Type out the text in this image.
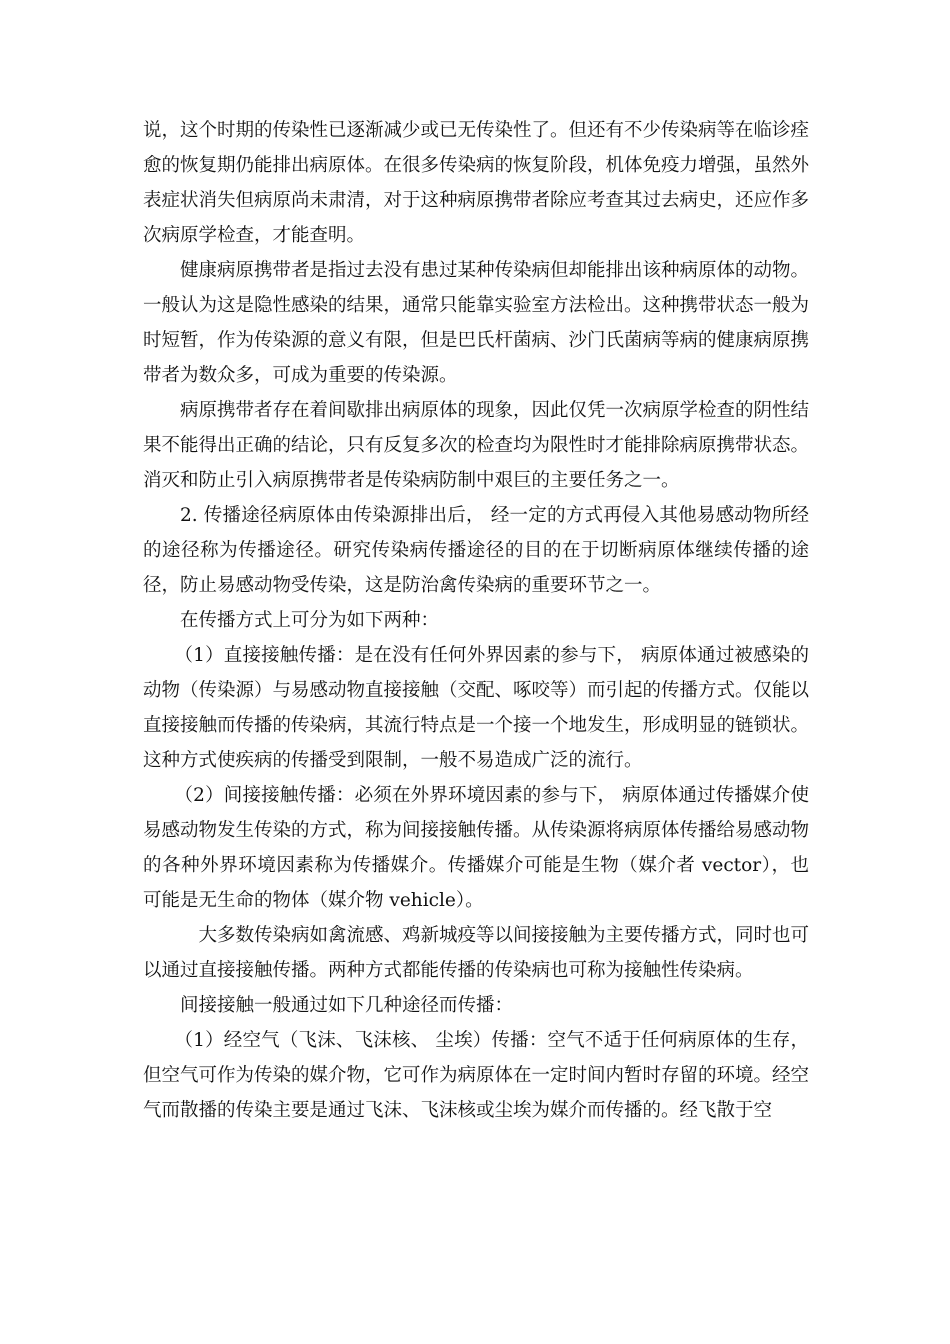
说，这个时期的传染性已逐渐减少或已无传染性了。但还有不少传染病等在临诊痊愈的恢复期仍能排出病原体。在很多传染病的恢复阶段，机体免疫力增强，虽然外表症状消失但病原尚未肃清，对于这种病原携带者除应考查其过去病史，还应作多次病原学检查，才能查明。

健康病原携带者是指过去没有患过某种传染病但却能排出该种病原体的动物。一般认为这是隐性感染的结果，通常只能靠实验室方法检出。这种携带状态一般为时短暂，作为传染源的意义有限，但是巴氏杆菌病、沙门氏菌病等病的健康病原携带者为数众多，可成为重要的传染源。

病原携带者存在着间歇排出病原体的现象，因此仅凭一次病原学检查的阴性结果不能得出正确的结论，只有反复多次的检查均为限性时才能排除病原携带状态。消灭和防止引入病原携带者是传染病防制中艰巨的主要任务之一。

2. 传播途径病原体由传染源排出后， 经一定的方式再侵入其他易感动物所经的途径称为传播途径。研究传染病传播途径的目的在于切断病原体继续传播的途径，防止易感动物受传染，这是防治禽传染病的重要环节之一。

在传播方式上可分为如下两种：

（1）直接接触传播：是在没有任何外界因素的参与下， 病原体通过被感染的动物（传染源）与易感动物直接接触（交配、啄咬等）而引起的传播方式。仅能以直接接触而传播的传染病，其流行特点是一个接一个地发生，形成明显的链锁状。这种方式使疾病的传播受到限制，一般不易造成广泛的流行。

（2）间接接触传播：必须在外界环境因素的参与下， 病原体通过传播媒介使易感动物发生传染的方式，称为间接接触传播。从传染源将病原体传播给易感动物的各种外界环境因素称为传播媒介。传播媒介可能是生物（媒介者 vector），也可能是无生命的物体（媒介物 vehicle）。

大多数传染病如禽流感、鸡新城疫等以间接接触为主要传播方式，同时也可以通过直接接触传播。两种方式都能传播的传染病也可称为接触性传染病。

间接接触一般通过如下几种途径而传播：

（1）经空气（飞沫、飞沫核、 尘埃）传播：空气不适于任何病原体的生存，但空气可作为传染的媒介物，它可作为病原体在一定时间内暂时存留的环境。经空气而散播的传染主要是通过飞沫、飞沫核或尘埃为媒介而传播的。经飞散于空
